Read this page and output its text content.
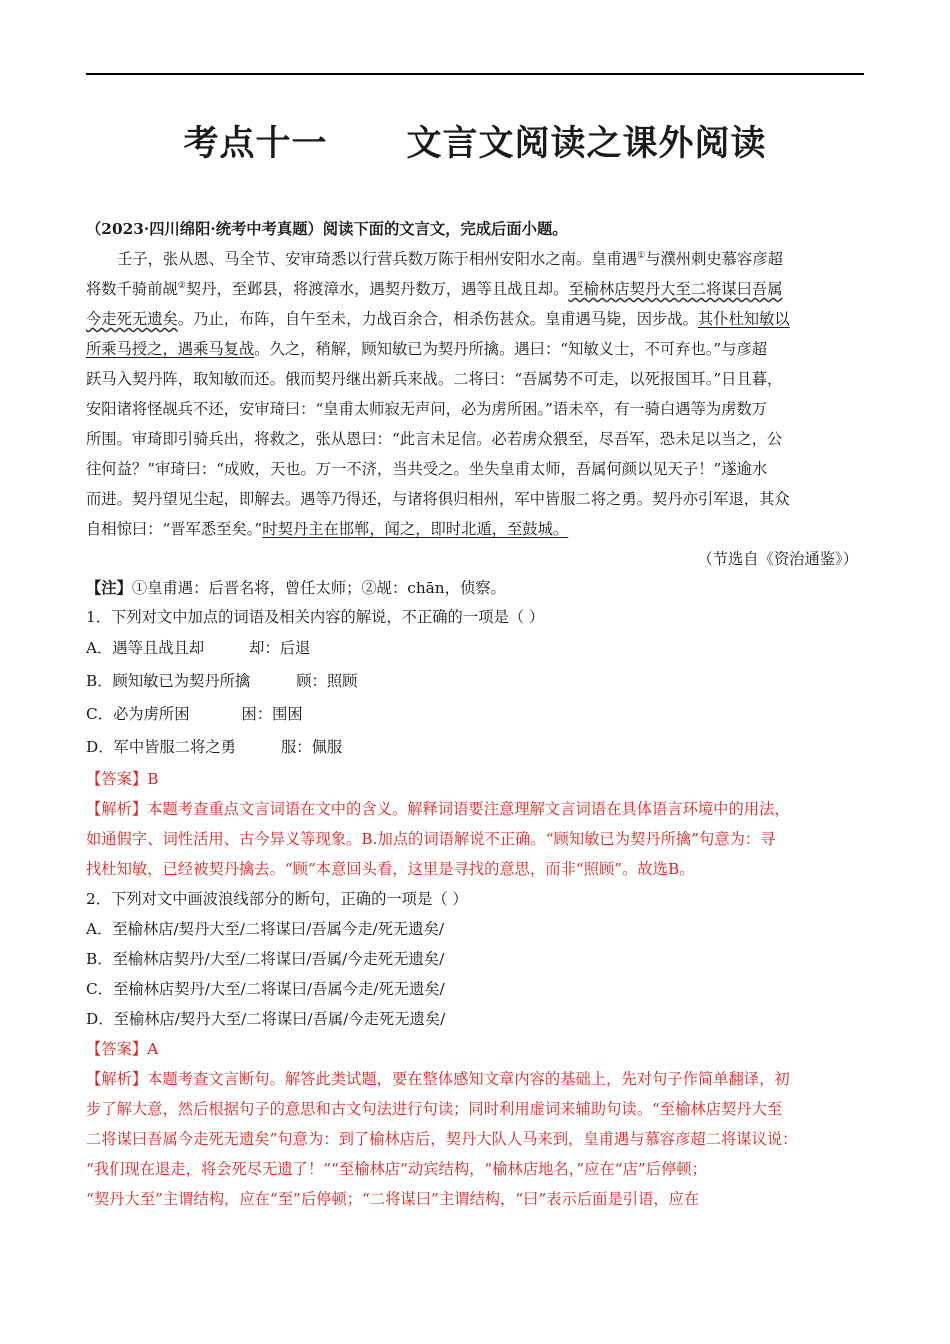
考点十一      文言文阅读之课外阅读
（2023·四川绵阳·统考中考真题）阅读下面的文言文，完成后面小题。
壬子，张从恩、马全节、安审琦悉以行营兵数万陈于相州安阳水之南。皇甫遇①与濮州刺史慕容彦超
将数千骑前觇②契丹，至邺县，将渡漳水，遇契丹数万，遇等且战且却。至榆林店契丹大至二将谋曰吾属
今走死无遗矣。乃止，布阵，自午至未，力战百余合，相杀伤甚众。皇甫遇马毙，因步战。其仆杜知敏以
所乘马授之，遇乘马复战。久之，稍解，顾知敏已为契丹所擒。遇曰：“知敏义士，不可弃也。”与彦超
跃马入契丹阵，取知敏而还。俄而契丹继出新兵来战。二将曰：“吾属势不可走，以死报国耳。”日且暮，
安阳诸将怪觇兵不还，安审琦曰：“皇甫太师寂无声问，必为虏所困。”语未卒，有一骑白遇等为虏数万
所围。审琦即引骑兵出，将救之，张从恩曰：“此言未足信。必若虏众猥至，尽吾军，恐未足以当之，公
往何益？”审琦曰：“成败，天也。万一不济，当共受之。坐失皇甫太师，吾属何颜以见天子！”遂逾水
而进。契丹望见尘起，即解去。遇等乃得还，与诸将俱归相州，军中皆服二将之勇。契丹亦引军退，其众
自相惊曰：“晋军悉至矣。”时契丹主在邯郸，闻之，即时北遁，至鼓城。
（节选自《资治通鉴》）
【注】①皇甫遇：后晋名将，曾任太师；②觇：chān，侦察。
1．下列对文中加点的词语及相关内容的解说，不正确的一项是（ ）
A．遇等且战且却	却：后退
B．顾知敏已为契丹所擒	顾：照顾
C．必为虏所困	困：围困
D．军中皆服二将之勇	服：佩服
【答案】B
【解析】本题考查重点文言词语在文中的含义。解释词语要注意理解文言词语在具体语言环境中的用法，
如通假字、词性活用、古今异义等现象。B.加点的词语解说不正确。“顾知敏已为契丹所擒”句意为：寻
找杜知敏，已经被契丹擒去。“顾”本意回头看，这里是寻找的意思，而非“照顾”。故选B。
2．下列对文中画波浪线部分的断句，正确的一项是（ ）
A．至榆林店/契丹大至/二将谋曰/吾属今走/死无遗矣/
B．至榆林店契丹/大至/二将谋曰/吾属/今走死无遗矣/
C．至榆林店契丹/大至/二将谋曰/吾属今走/死无遗矣/
D．至榆林店/契丹大至/二将谋曰/吾属/今走死无遗矣/
【答案】A
【解析】本题考查文言断句。解答此类试题，要在整体感知文章内容的基础上，先对句子作简单翻译，初
步了解大意，然后根据句子的意思和古文句法进行句读；同时利用虚词来辅助句读。“至榆林店契丹大至
二将谋曰吾属今走死无遗矣”句意为：到了榆林店后，契丹大队人马来到，皇甫遇与慕容彦超二将谋议说：
“我们现在退走，将会死尽无遗了！”“至榆林店”动宾结构，“榆林店地名，”应在“店”后停顿；
“契丹大至”主谓结构，应在“至”后停顿；“二将谋曰”主谓结构，“曰”表示后面是引语，应在
